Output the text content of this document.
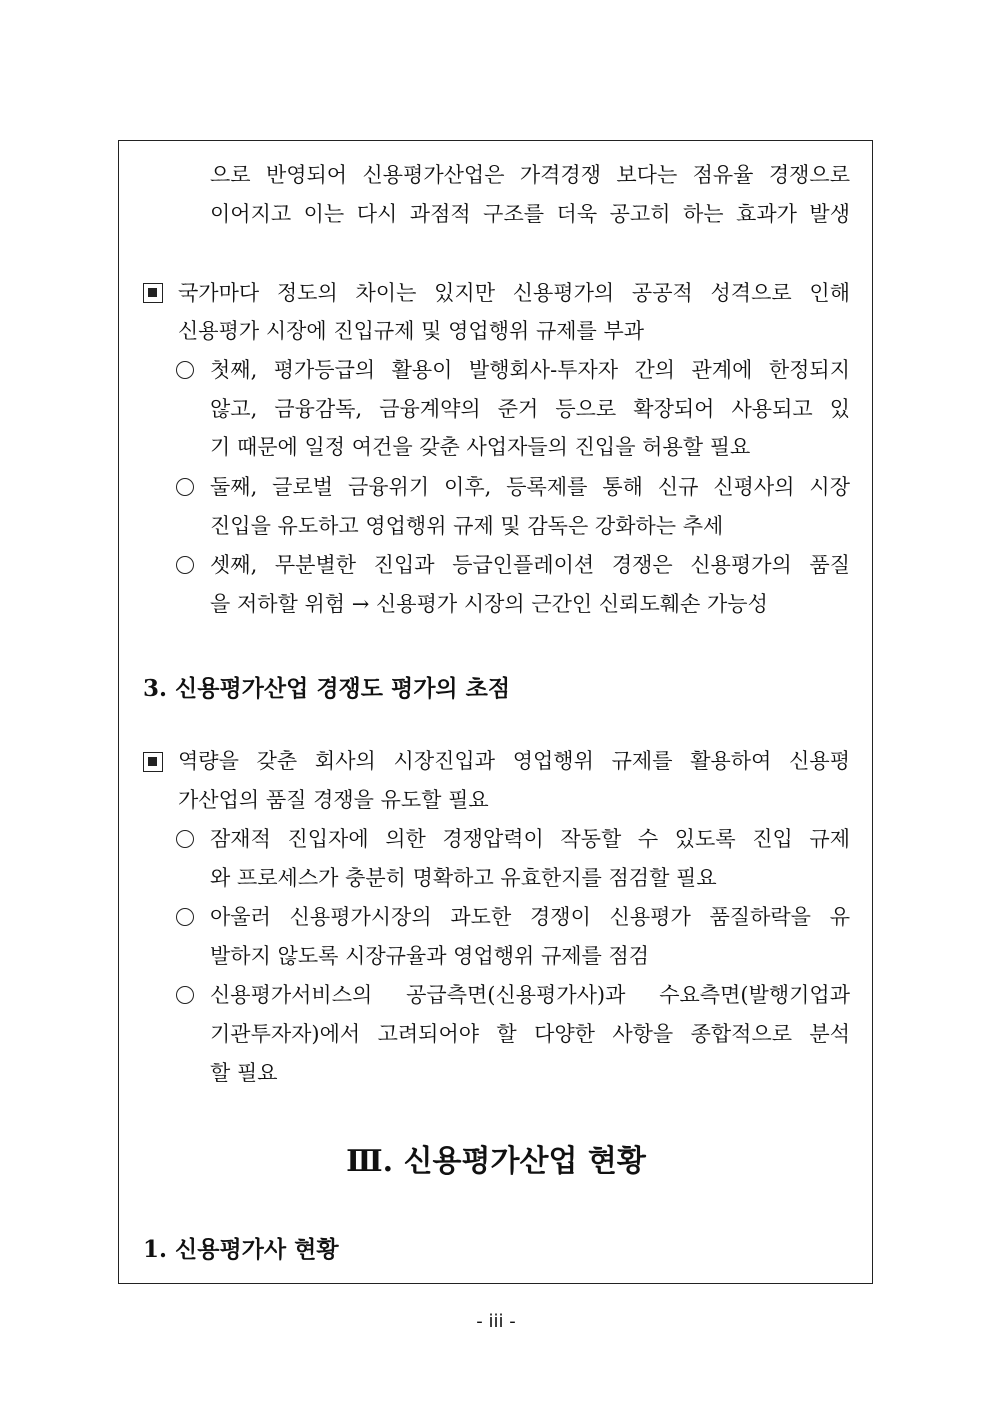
으로 반영되어 신용평가산업은 가격경쟁 보다는 점유율 경쟁으로
이어지고 이는 다시 과점적 구조를 더욱 공고히 하는 효과가 발생
국가마다 정도의 차이는 있지만 신용평가의 공공적 성격으로 인해
신용평가 시장에 진입규제 및 영업행위 규제를 부과
첫째, 평가등급의 활용이 발행회사-투자자 간의 관계에 한정되지
않고, 금융감독, 금융계약의 준거 등으로 확장되어 사용되고 있
기 때문에 일정 여건을 갖춘 사업자들의 진입을 허용할 필요
둘째, 글로벌 금융위기 이후, 등록제를 통해 신규 신평사의 시장
진입을 유도하고 영업행위 규제 및 감독은 강화하는 추세
셋째, 무분별한 진입과 등급인플레이션 경쟁은 신용평가의 품질
을 저하할 위험 → 신용평가 시장의 근간인 신뢰도훼손 가능성
3. 신용평가산업 경쟁도 평가의 초점
역량을 갖춘 회사의 시장진입과 영업행위 규제를 활용하여 신용평
가산업의 품질 경쟁을 유도할 필요
잠재적 진입자에 의한 경쟁압력이 작동할 수 있도록 진입 규제
와 프로세스가 충분히 명확하고 유효한지를 점검할 필요
아울러 신용평가시장의 과도한 경쟁이 신용평가 품질하락을 유
발하지 않도록 시장규율과 영업행위 규제를 점검
신용평가서비스의 공급측면(신용평가사)과 수요측면(발행기업과
기관투자자)에서 고려되어야 할 다양한 사항을 종합적으로 분석
할 필요
Ⅲ. 신용평가산업 현황
1. 신용평가사 현황
- iii -
